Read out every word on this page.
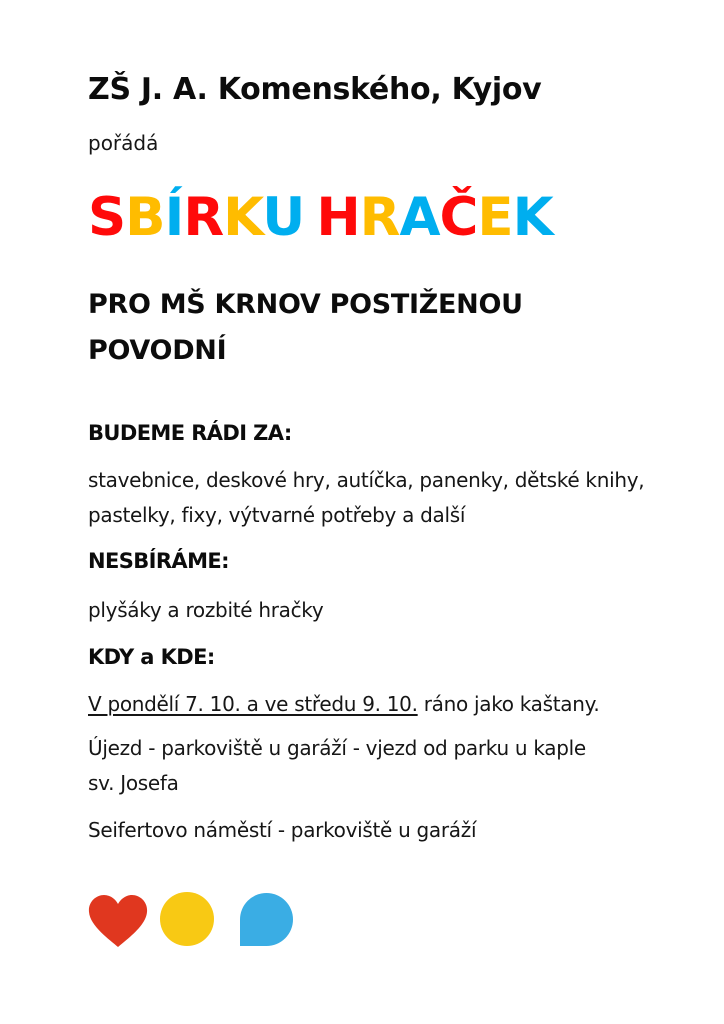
ZŠ J. A. Komenského, Kyjov
pořádá
SBÍRKU HRAČEK
PRO MŠ KRNOV POSTIŽENOU POVODNÍ
BUDEME RÁDI ZA:
stavebnice, deskové hry, autíčka, panenky, dětské knihy, pastelky, fixy, výtvarné potřeby a další
NESBÍRÁME:
plyšáky a rozbité hračky
KDY a KDE:
V pondělí 7. 10. a ve středu 9. 10. ráno jako kaštany.
Újezd - parkoviště u garáží - vjezd od parku u kaple sv. Josefa
Seifertovo náměstí - parkoviště u garáží
